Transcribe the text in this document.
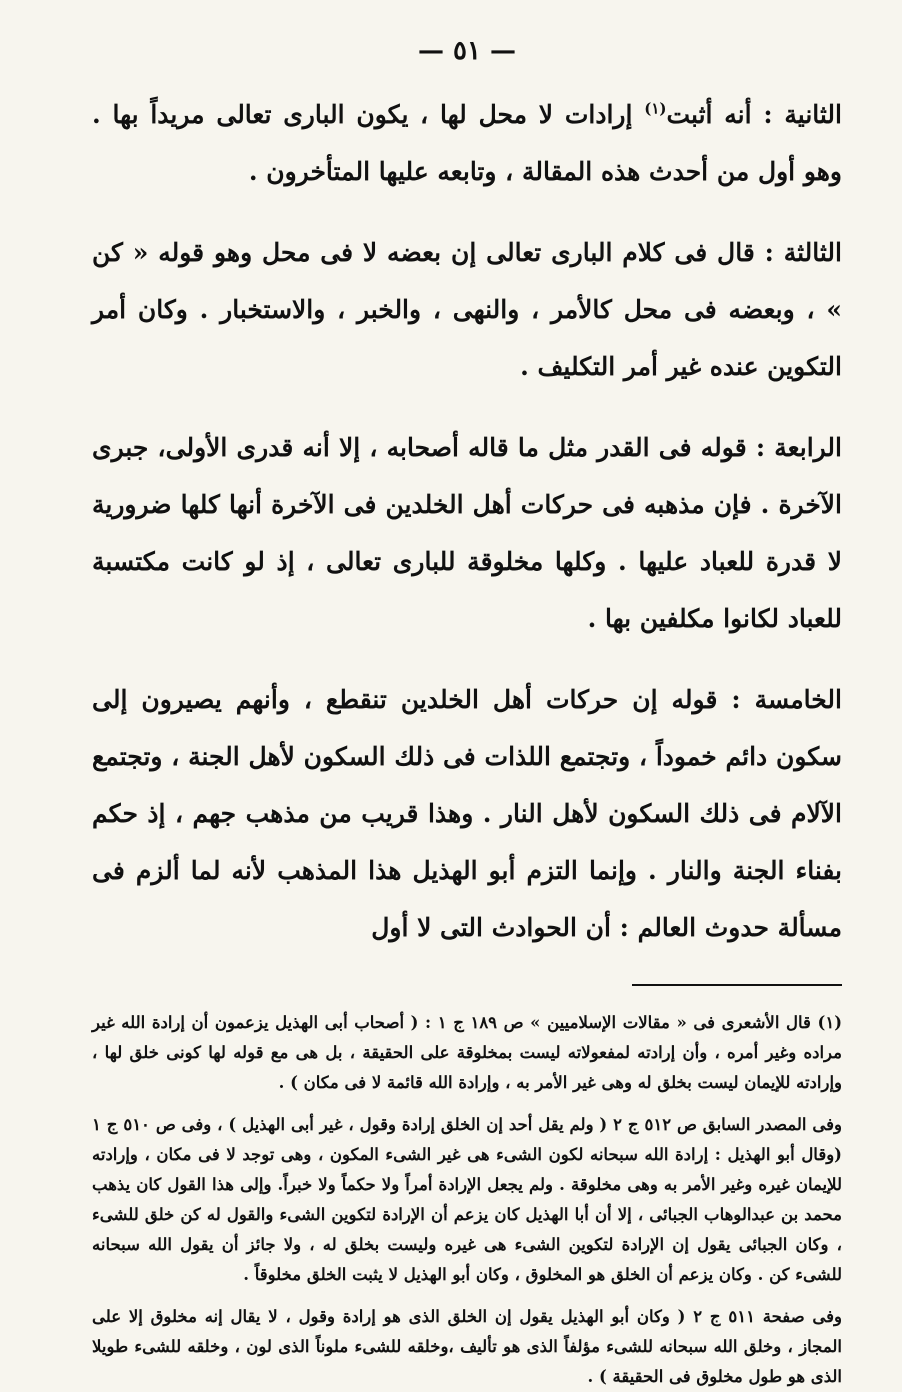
— ٥١ —

الثانية : أنه أثبت$^{(١)}$ إرادات لا محل لها ، يكون البارى تعالى مريداً بها . وهو أول من أحدث هذه المقالة ، وتابعه عليها المتأخرون .

الثالثة : قال فى كلام البارى تعالى إن بعضه لا فى محل وهو قوله « كن » ، وبعضه فى محل كالأمر ، والنهى ، والخبر ، والاستخبار . وكان أمر التكوين عنده غير أمر التكليف .

الرابعة : قوله فى القدر مثل ما قاله أصحابه ، إلا أنه قدرى الأولى، جبرى الآخرة . فإن مذهبه فى حركات أهل الخلدين فى الآخرة أنها كلها ضرورية لا قدرة للعباد عليها . وكلها مخلوقة للبارى تعالى ، إذ لو كانت مكتسبة للعباد لكانوا مكلفين بها .

الخامسة : قوله إن حركات أهل الخلدين تنقطع ، وأنهم يصيرون إلى سكون دائم خموداً ، وتجتمع اللذات فى ذلك السكون لأهل الجنة ، وتجتمع الآلام فى ذلك السكون لأهل النار . وهذا قريب من مذهب جهم ، إذ حكم بفناء الجنة والنار . وإنما التزم أبو الهذيل هذا المذهب لأنه لما ألزم فى مسألة حدوث العالم : أن الحوادث التى لا أول

(١) قال الأشعرى فى « مقالات الإسلاميين » ص ١٨٩ ج ١ : ( أصحاب أبى الهذيل يزعمون أن إرادة الله غير مراده وغير أمره ، وأن إرادته لمفعولاته ليست بمخلوقة على الحقيقة ، بل هى مع قوله لها كونى خلق لها ، وإرادته للإيمان ليست بخلق له وهى غير الأمر به ، وإرادة الله قائمة لا فى مكان ) .

وفى المصدر السابق ص ٥١٢ ج ٢ ( ولم يقل أحد إن الخلق إرادة وقول ، غير أبى الهذيل ) ، وفى ص ٥١٠ ج ١ (وقال أبو الهذيل : إرادة الله سبحانه لكون الشىء هى غير الشىء المكون ، وهى توجد لا فى مكان ، وإرادته للإيمان غيره وغير الأمر به وهى مخلوقة . ولم يجعل الإرادة أمراً ولا حكماً ولا خبراً. وإلى هذا القول كان يذهب محمد بن عبدالوهاب الجبائى ، إلا أن أبا الهذيل كان يزعم أن الإرادة لتكوين الشىء والقول له كن خلق للشىء ، وكان الجبائى يقول إن الإرادة لتكوين الشىء هى غيره وليست بخلق له ، ولا جائز أن يقول الله سبحانه للشىء كن . وكان يزعم أن الخلق هو المخلوق ، وكان أبو الهذيل لا يثبت الخلق مخلوقاً .

وفى صفحة ٥١١ ج ٢ ( وكان أبو الهذيل يقول إن الخلق الذى هو إرادة وقول ، لا يقال إنه مخلوق إلا على المجاز ، وخلق الله سبحانه للشىء مؤلفاً الذى هو تأليف ،وخلقه للشىء ملوناً الذى لون ، وخلقه للشىء طويلا الذى هو طول مخلوق فى الحقيقة ) .
